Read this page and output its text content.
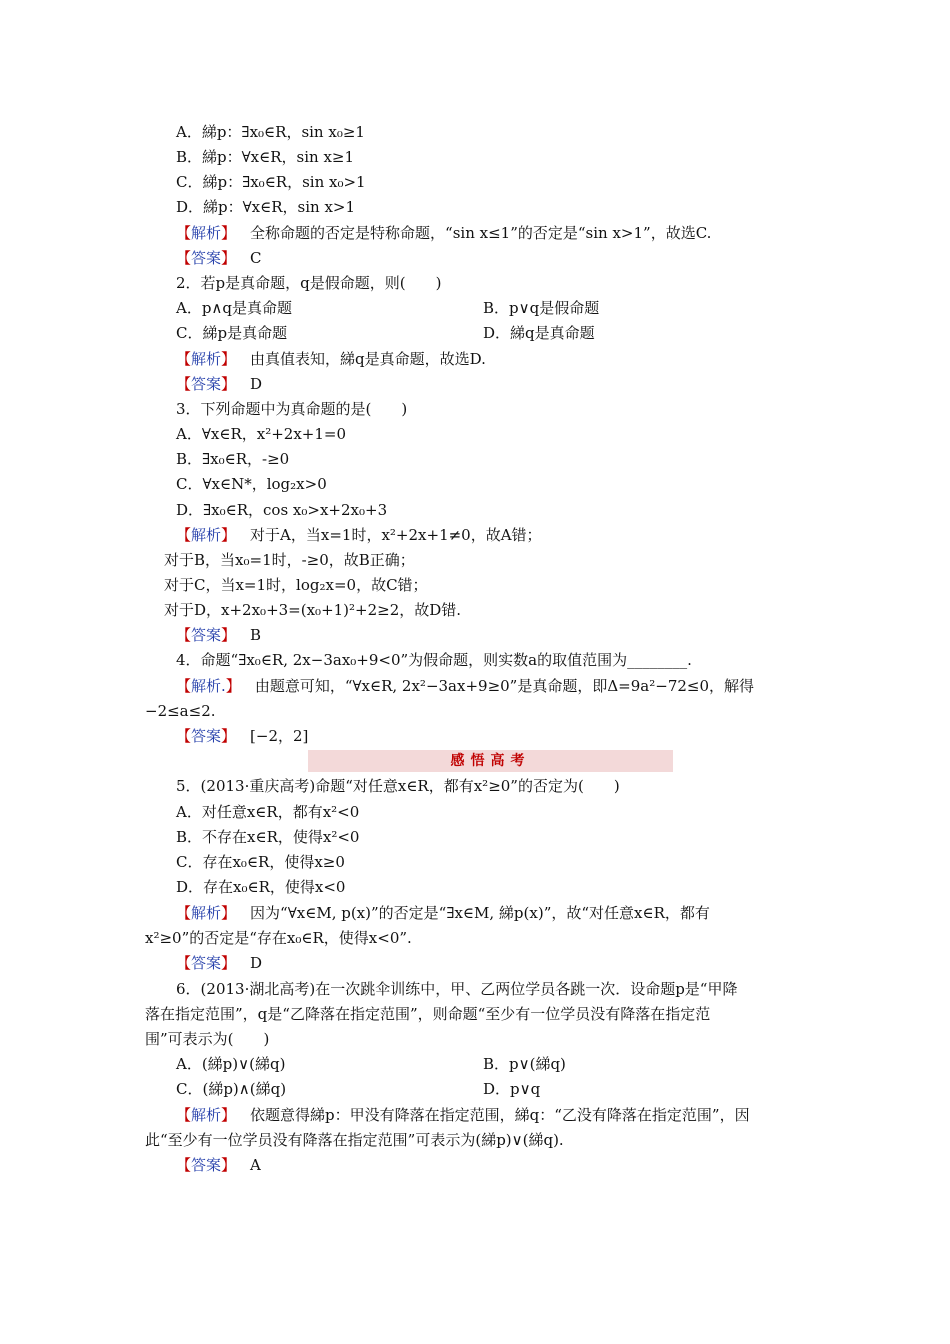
A．綈p：∃x₀∈R，sin x₀≥1
B．綈p：∀x∈R，sin x≥1
C．綈p：∃x₀∈R，sin x₀>1
D．綈p：∀x∈R，sin x>1
【解析】 全称命题的否定是特称命题，“sin x≤1”的否定是“sin x>1”，故选C.
【答案】 C
2．若p是真命题，q是假命题，则(　　)
A．p∧q是真命题	B．p∨q是假命题
C．綈p是真命题	D．綈q是真命题
【解析】 由真值表知，綈q是真命题，故选D.
【答案】 D
3．下列命题中为真命题的是(　　)
A．∀x∈R，x²+2x+1=0
B．∃x₀∈R，-≥0
C．∀x∈N*，log₂x>0
D．∃x₀∈R，cos x₀>x+2x₀+3
【解析】 对于A，当x=1时，x²+2x+1≠0，故A错；
对于B，当x₀=1时，-≥0，故B正确；
对于C，当x=1时，log₂x=0，故C错；
对于D，x+2x₀+3=(x₀+1)²+2≥2，故D错.
【答案】 B
4．命题“∃x₀∈R, 2x−3ax₀+9<0”为假命题，则实数a的取值范围为________.
【解析.】 由题意可知，“∀x∈R, 2x²−3ax+9≥0”是真命题，即Δ=9a²−72≤0，解得
−2≤a≤2.
【答案】 [−2，2]
5．(2013·重庆高考)命题“对任意x∈R，都有x²≥0”的否定为(　　)
A．对任意x∈R，都有x²<0
B．不存在x∈R，使得x²<0
C．存在x₀∈R，使得x≥0
D．存在x₀∈R，使得x<0
【解析】 因为“∀x∈M, p(x)”的否定是“∃x∈M, 綈p(x)”，故“对任意x∈R，都有
x²≥0”的否定是“存在x₀∈R，使得x<0”.
【答案】 D
6．(2013·湖北高考)在一次跳伞训练中，甲、乙两位学员各跳一次．设命题p是“甲降
落在指定范围”，q是“乙降落在指定范围”，则命题“至少有一位学员没有降落在指定范
围”可表示为(　　)
A．(綈p)∨(綈q)	B．p∨(綈q)
C．(綈p)∧(綈q)	D．p∨q
【解析】 依题意得綈p：甲没有降落在指定范围，綈q：“乙没有降落在指定范围”，因
此“至少有一位学员没有降落在指定范围”可表示为(綈p)∨(綈q).
【答案】 A
感悟高考
